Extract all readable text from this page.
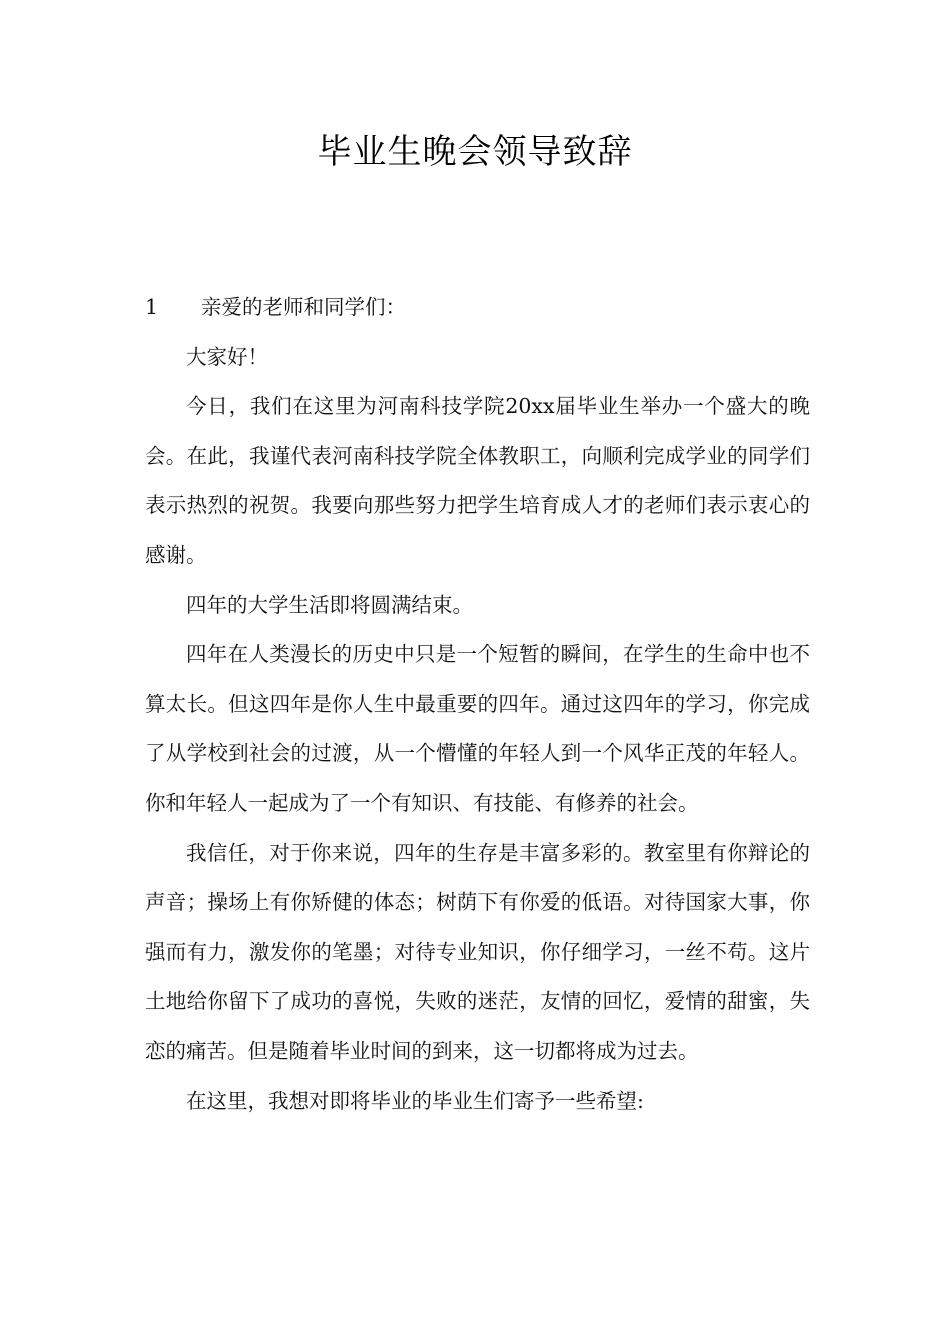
毕业生晚会领导致辞
1 亲爱的老师和同学们：

大家好！

今日，我们在这里为河南科技学院20xx届毕业生举办一个盛大的晚会。在此，我谨代表河南科技学院全体教职工，向顺利完成学业的同学们表示热烈的祝贺。我要向那些努力把学生培育成人才的老师们表示衷心的感谢。

四年的大学生活即将圆满结束。

四年在人类漫长的历史中只是一个短暂的瞬间，在学生的生命中也不算太长。但这四年是你人生中最重要的四年。通过这四年的学习，你完成了从学校到社会的过渡，从一个懵懂的年轻人到一个风华正茂的年轻人。你和年轻人一起成为了一个有知识、有技能、有修养的社会。

我信任，对于你来说，四年的生存是丰富多彩的。教室里有你辩论的声音；操场上有你矫健的体态；树荫下有你爱的低语。对待国家大事，你强而有力，激发你的笔墨；对待专业知识，你仔细学习，一丝不苟。这片土地给你留下了成功的喜悦，失败的迷茫，友情的回忆，爱情的甜蜜，失恋的痛苦。但是随着毕业时间的到来，这一切都将成为过去。

在这里，我想对即将毕业的毕业生们寄予一些希望:
